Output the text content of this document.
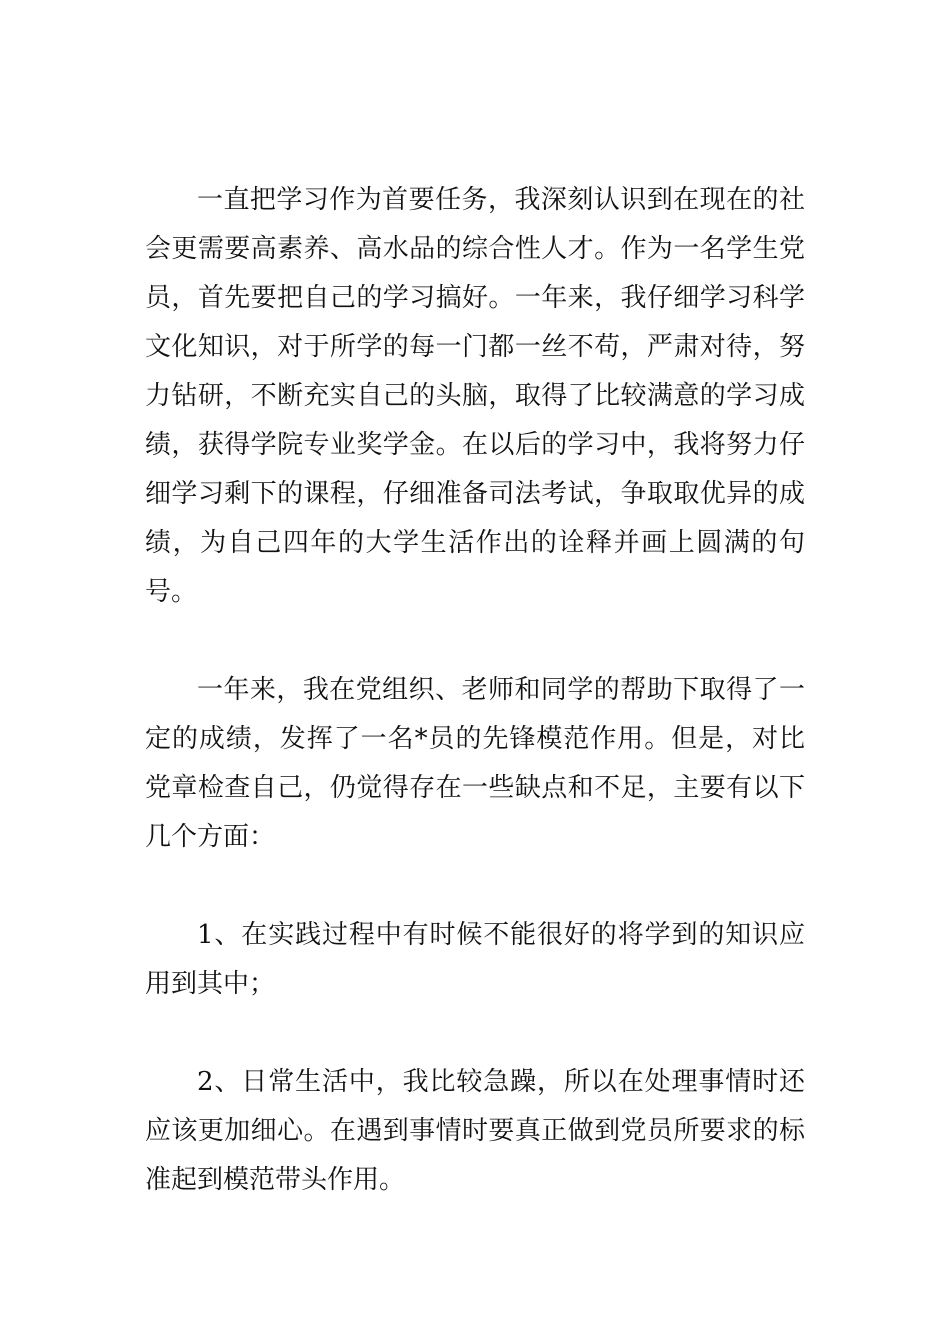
一直把学习作为首要任务，我深刻认识到在现在的社会更需要高素养、高水品的综合性人才。作为一名学生党员，首先要把自己的学习搞好。一年来，我仔细学习科学文化知识，对于所学的每一门都一丝不苟，严肃对待，努力钻研，不断充实自己的头脑，取得了比较满意的学习成绩，获得学院专业奖学金。在以后的学习中，我将努力仔细学习剩下的课程，仔细准备司法考试，争取取优异的成绩，为自己四年的大学生活作出的诠释并画上圆满的句号。

一年来，我在党组织、老师和同学的帮助下取得了一定的成绩，发挥了一名*员的先锋模范作用。但是，对比党章检查自己，仍觉得存在一些缺点和不足，主要有以下几个方面：

1、在实践过程中有时候不能很好的将学到的知识应用到其中；

2、日常生活中，我比较急躁，所以在处理事情时还应该更加细心。在遇到事情时要真正做到党员所要求的标准起到模范带头作用。
